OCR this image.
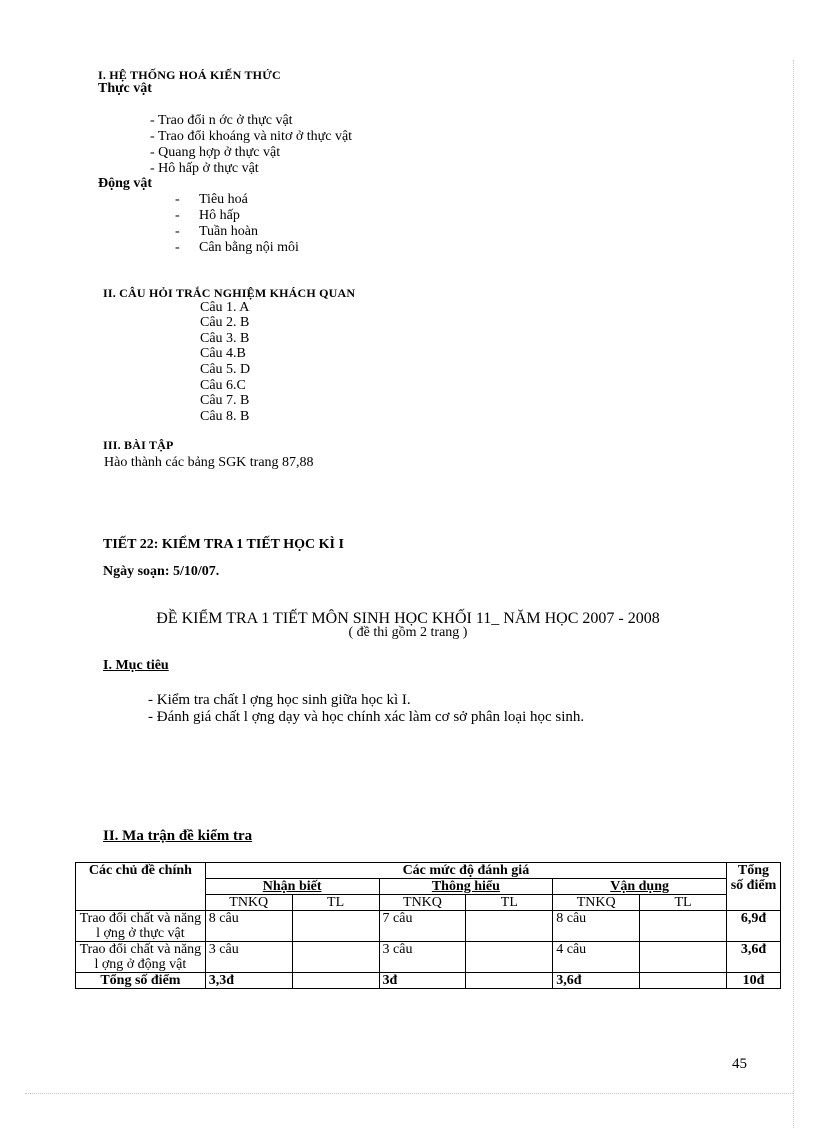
I. HỆ THỐNG HOÁ KIẾN THỨC
Thực vật
- Trao đổi n ớc ở thực vật
- Trao đổi khoáng và nitơ ở thực vật
- Quang hợp ở thực vật
- Hô hấp ở thực vật
Động vật
- Tiêu hoá
- Hô hấp
- Tuần hoàn
- Cân bằng nội môi
II. CÂU HỎI TRẮC NGHIỆM KHÁCH QUAN
Câu 1. A
Câu 2. B
Câu 3. B
Câu 4.B
Câu 5. D
Câu 6.C
Câu 7. B
Câu 8. B
III. BÀI TẬP
Hào thành các bảng SGK trang 87,88
TIẾT 22: KIỂM TRA 1 TIẾT HỌC KÌ I
Ngày soạn: 5/10/07.
ĐỀ KIỂM TRA 1 TIẾT MÔN SINH HỌC KHỐI 11_ NĂM HỌC 2007 - 2008
( đề thi gồm 2 trang )
I. Mục tiêu
- Kiểm tra chất l ợng học sinh giữa học kì I.
- Đánh giá chất l ợng dạy và học chính xác làm cơ sở phân loại học sinh.
II. Ma trận đề kiểm tra
Các chủ đề chính	Các mức độ đánh giá						Tổng số điểm
	Nhận biết		Thông hiểu		Vận dụng		
	TNKQ	TL	TNKQ	TL	TNKQ	TL	
Trao đổi chất và năng l ợng ở thực vật	8 câu		7 câu		8 câu		6,9đ
Trao đổi chất và năng l ợng ở động vật	3 câu		3 câu		4 câu		3,6đ
Tổng số điểm	3,3đ		3đ		3,6đ		10đ
45
